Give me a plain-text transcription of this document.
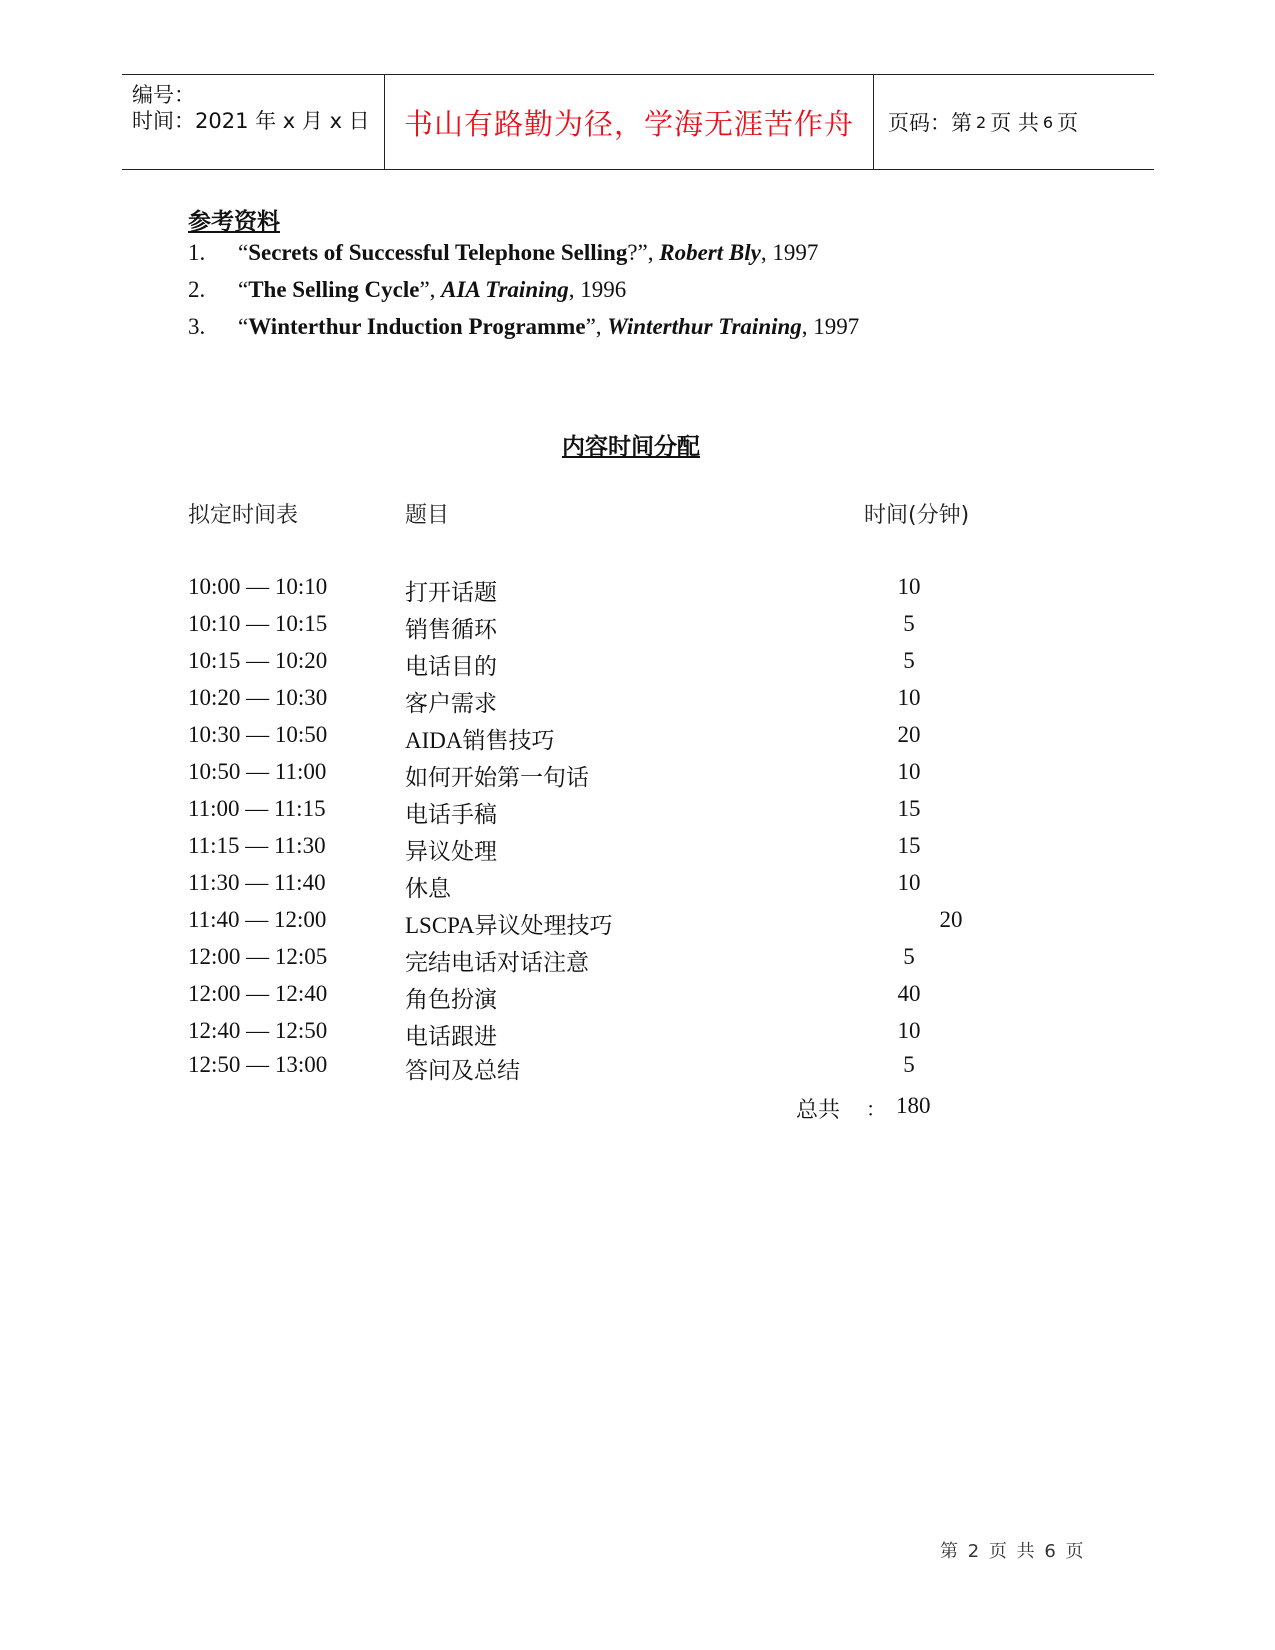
编号：
时间：2021 年 x 月 x 日	书山有路勤为径，学海无涯苦作舟	页码：第 2 页 共 6 页
参考资料
1. “Secrets of Successful Telephone Selling?”, Robert Bly, 1997
2. “The Selling Cycle”, AIA Training, 1996
3. “Winterthur Induction Programme”, Winterthur Training, 1997
内容时间分配
拟定时间表	题目	时间(分钟)
10:00 — 10:10	打开话题	10
10:10 — 10:15	销售循环	5
10:15 — 10:20	电话目的	5
10:20 — 10:30	客户需求	10
10:30 — 10:50	AIDA销售技巧	20
10:50 — 11:00	如何开始第一句话	10
11:00 — 11:15	电话手稿	15
11:15 — 11:30	异议处理	15
11:30 — 11:40	休息	10
11:40 — 12:00	LSCPA异议处理技巧	20
12:00 — 12:05	完结电话对话注意	5
12:00 — 12:40	角色扮演	40
12:40 — 12:50	电话跟进	10
12:50 — 13:00	答问及总结	5
总共 ： 180
第 2 页 共 6 页
